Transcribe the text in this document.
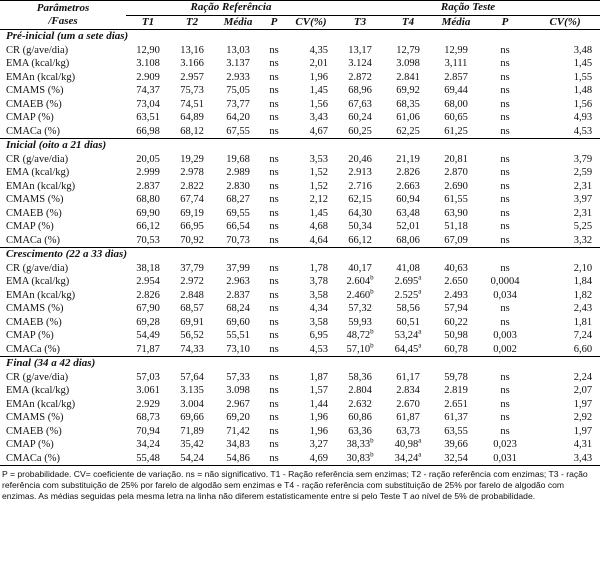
Parâmetros
/Fases	Ração Referência					Ração Teste				
	T1	T2	Média	P	CV(%)	T3	T4	Média	P	CV(%)
Pré-inicial (um a sete dias)										
CR (g/ave/dia)	12,90	13,16	13,03	ns	4,35	13,17	12,79	12,99	ns	3,48
EMA (kcal/kg)	3.108	3.166	3.137	ns	2,01	3.124	3.098	3,111	ns	1,45
EMAn (kcal/kg)	2.909	2.957	2.933	ns	1,96	2.872	2.841	2.857	ns	1,55
CMAMS (%)	74,37	75,73	75,05	ns	1,45	68,96	69,92	69,44	ns	1,48
CMAEB (%)	73,04	74,51	73,77	ns	1,56	67,63	68,35	68,00	ns	1,56
CMAP (%)	63,51	64,89	64,20	ns	3,43	60,24	61,06	60,65	ns	4,93
CMACa (%)	66,98	68,12	67,55	ns	4,67	60,25	62,25	61,25	ns	4,53
Inicial (oito a 21 dias)										
CR (g/ave/dia)	20,05	19,29	19,68	ns	3,53	20,46	21,19	20,81	ns	3,79
EMA (kcal/kg)	2.999	2.978	2.989	ns	1,52	2.913	2.826	2.870	ns	2,59
EMAn (kcal/kg)	2.837	2.822	2.830	ns	1,52	2.716	2.663	2.690	ns	2,31
CMAMS (%)	68,80	67,74	68,27	ns	2,12	62,15	60,94	61,55	ns	3,97
CMAEB (%)	69,90	69,19	69,55	ns	1,45	64,30	63,48	63,90	ns	2,31
CMAP (%)	66,12	66,95	66,54	ns	4,68	50,34	52,01	51,18	ns	5,25
CMACa (%)	70,53	70,92	70,73	ns	4,64	66,12	68,06	67,09	ns	3,32
Crescimento (22 a 33 dias)										
CR (g/ave/dia)	38,18	37,79	37,99	ns	1,78	40,17	41,08	40,63	ns	2,10
EMA (kcal/kg)	2.954	2.972	2.963	ns	3,78	2.604$^b$	2.695$^a$	2.650	0,0004	1,84
EMAn (kcal/kg)	2.826	2.848	2.837	ns	3,58	2.460$^b$	2.525$^a$	2.493	0,034	1,82
CMAMS (%)	67,90	68,57	68,24	ns	4,34	57,32	58,56	57,94	ns	2,43
CMAEB (%)	69,28	69,91	69,60	ns	3,58	59,93	60,51	60,22	ns	1,81
CMAP (%)	54,49	56,52	55,51	ns	6,95	48,72$^b$	53,24$^a$	50,98	0,003	7,24
CMACa (%)	71,87	74,33	73,10	ns	4,53	57,10$^b$	64,45$^a$	60,78	0,002	6,60
Final (34 a 42 dias)										
CR (g/ave/dia)	57,03	57,64	57,33	ns	1,87	58,36	61,17	59,78	ns	2,24
EMA (kcal/kg)	3.061	3.135	3.098	ns	1,57	2.804	2.834	2.819	ns	2,07
EMAn (kcal/kg)	2.929	3.004	2.967	ns	1,44	2.632	2.670	2.651	ns	1,97
CMAMS (%)	68,73	69,66	69,20	ns	1,96	60,86	61,87	61,37	ns	2,92
CMAEB (%)	70,94	71,89	71,42	ns	1,96	63,36	63,73	63,55	ns	1,97
CMAP (%)	34,24	35,42	34,83	ns	3,27	38,33$^b$	40,98$^a$	39,66	0,023	4,31
CMACa (%)	55,48	54,24	54,86	ns	4,69	30,83$^b$	34,24$^a$	32,54	0,031	3,43
P = probabilidade. CV= coeficiente de variação. ns = não significativo. T1 - Ração referência sem enzimas; T2 - ração referência com enzimas; T3 - ração referência com substituição de 25% por farelo de algodão sem enzimas e T4 - ração referência com substituição de 25% por farelo de algodão com enzimas. As médias seguidas pela mesma letra na linha não diferem estatisticamente entre si pelo Teste T ao nível de 5% de probabilidade.
